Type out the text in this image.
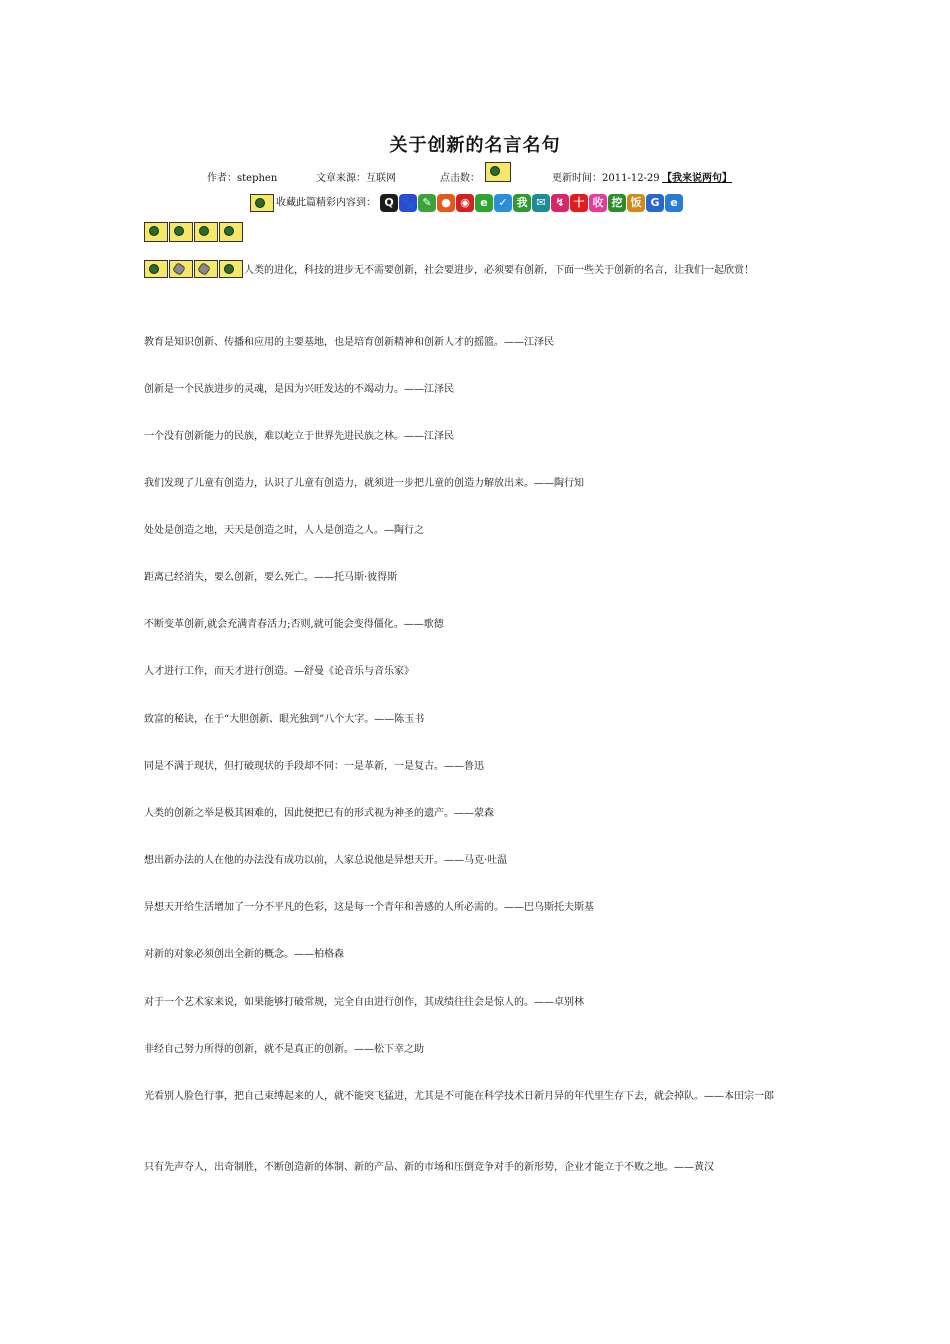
关于创新的名言名句
作者：stephen	文章来源：互联网	点击数：	更新时间：2011-12-29 【我来说两句】
收藏此篇精彩内容到： Q 🐾 ✎ ● ◉ e ✓ 我 ✉ ↯ 十 收 挖 饭 G e
人类的进化，科技的进步无不需要创新，社会要进步，必须要有创新，下面一些关于创新的名言，让我们一起欣赏！
教育是知识创新、传播和应用的主要基地，也是培育创新精神和创新人才的摇篮。——江泽民
创新是一个民族进步的灵魂，是因为兴旺发达的不竭动力。——江泽民
一个没有创新能力的民族，难以屹立于世界先进民族之林。——江泽民
我们发现了儿童有创造力，认识了儿童有创造力，就须进一步把儿童的创造力解放出来。——陶行知
处处是创造之地，天天是创造之时，人人是创造之人。—陶行之
距离已经消失，要么创新，要么死亡。——托马斯·彼得斯
不断变革创新,就会充满青春活力;否则,就可能会变得僵化。——歌德
人才进行工作，而天才进行创造。—舒曼《论音乐与音乐家》
致富的秘诀，在于“大胆创新、眼光独到”八个大字。——陈玉书
同是不满于现状，但打破现状的手段却不同：一是革新，一是复古。——鲁迅
人类的创新之举是极其困难的，因此便把已有的形式视为神圣的遗产。——蒙森
想出新办法的人在他的办法没有成功以前，人家总说他是异想天开。——马克·吐温
异想天开给生活增加了一分不平凡的色彩，这是每一个青年和善感的人所必需的。——巴乌斯托夫斯基
对新的对象必须创出全新的概念。——柏格森
对于一个艺术家来说，如果能够打破常规，完全自由进行创作，其成绩往往会是惊人的。——卓别林
非经自己努力所得的创新，就不是真正的创新。——松下幸之助
光看别人脸色行事，把自己束缚起来的人，就不能突飞猛进，尤其是不可能在科学技术日新月异的年代里生存下去，就会掉队。——本田宗一郎
只有先声夺人，出奇制胜，不断创造新的体制、新的产品、新的市场和压倒竞争对手的新形势，企业才能立于不败之地。——黄汉
